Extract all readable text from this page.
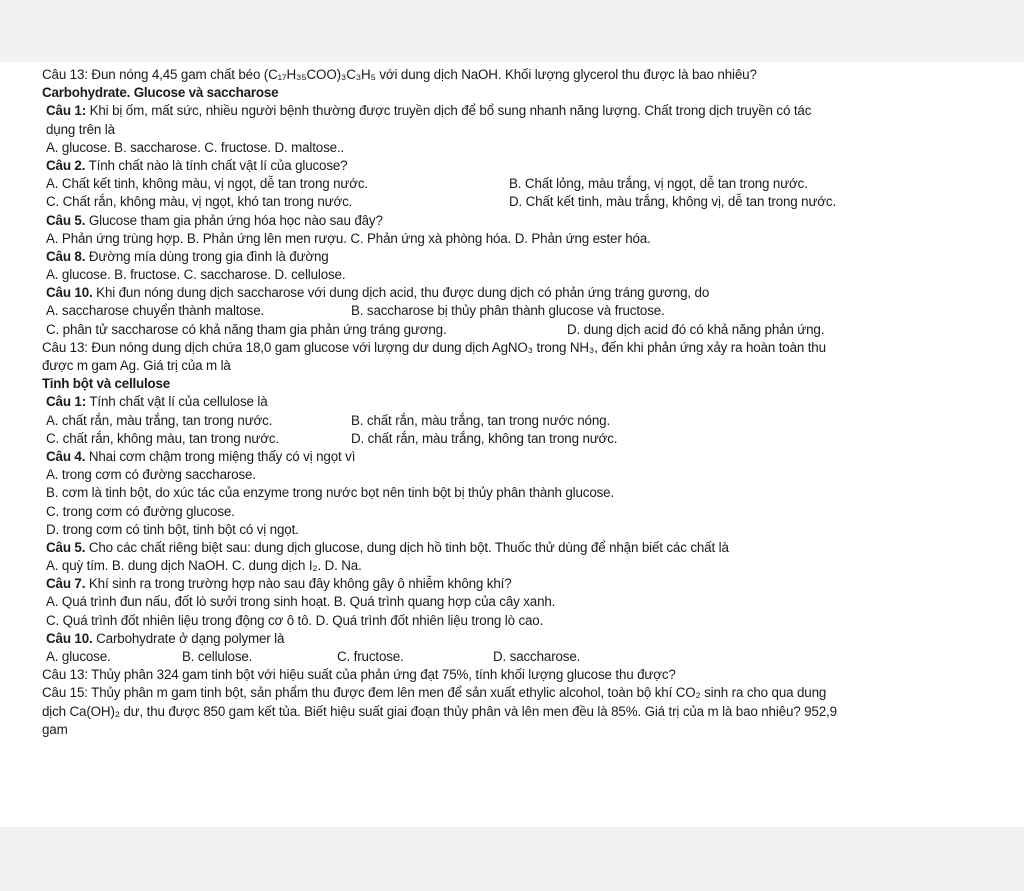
Câu 13: Đun nóng 4,45 gam chất béo (C₁₇H₃₅COO)₃C₃H₅ với dung dịch NaOH. Khối lượng glycerol thu được là bao nhiêu?
Carbohydrate. Glucose và saccharose
Câu 1: Khi bị ốm, mất sức, nhiều người bệnh thường được truyền dịch để bổ sung nhanh năng lượng. Chất trong dịch truyền có tác
dụng trên là
A. glucose. B. saccharose. C. fructose. D. maltose..
Câu 2. Tính chất nào là tính chất vật lí của glucose?
A. Chất kết tinh, không màu, vị ngọt, dễ tan trong nước.	B. Chất lỏng, màu trắng, vị ngọt, dễ tan trong nước.
C. Chất rắn, không màu, vị ngọt, khó tan trong nước.	D. Chất kết tinh, màu trắng, không vị, dễ tan trong nước.
Câu 5. Glucose tham gia phản ứng hóa học nào sau đây?
A. Phản ứng trùng hợp. B. Phản ứng lên men rượu. C. Phản ứng xà phòng hóa. D. Phản ứng ester hóa.
Câu 8. Đường mía dùng trong gia đình là đường
A. glucose. B. fructose. C. saccharose. D. cellulose.
Câu 10. Khi đun nóng dung dịch saccharose với dung dịch acid, thu được dung dịch có phản ứng tráng gương, do
A. saccharose chuyển thành maltose.	B. saccharose bị thủy phân thành glucose và fructose.
C. phân tử saccharose có khả năng tham gia phản ứng tráng gương.	D. dung dịch acid đó có khả năng phản ứng.
Câu 13: Đun nóng dung dịch chứa 18,0 gam glucose với lượng dư dung dịch AgNO₃ trong NH₃, đến khi phản ứng xảy ra hoàn toàn thu
được m gam Ag. Giá trị của m là
Tinh bột và cellulose
Câu 1: Tính chất vật lí của cellulose là
A. chất rắn, màu trắng, tan trong nước.	B. chất rắn, màu trắng, tan trong nước nóng.
C. chất rắn, không màu, tan trong nước.	D. chất rắn, màu trắng, không tan trong nước.
Câu 4. Nhai cơm chậm trong miệng thấy có vị ngọt vì
A. trong cơm có đường saccharose.
B. cơm là tinh bột, do xúc tác của enzyme trong nước bọt nên tinh bột bị thủy phân thành glucose.
C. trong cơm có đường glucose.
D. trong cơm có tinh bột, tinh bột có vị ngọt.
Câu 5. Cho các chất riêng biệt sau: dung dịch glucose, dung dịch hồ tinh bột. Thuốc thử dùng để nhận biết các chất là
A. quỳ tím. B. dung dịch NaOH. C. dung dịch I₂. D. Na.
Câu 7. Khí sinh ra trong trường hợp nào sau đây không gây ô nhiễm không khí?
A. Quá trình đun nấu, đốt lò sưởi trong sinh hoạt. B. Quá trình quang hợp của cây xanh.
C. Quá trình đốt nhiên liệu trong động cơ ô tô. D. Quá trình đốt nhiên liệu trong lò cao.
Câu 10. Carbohydrate ở dạng polymer là
A. glucose.	B. cellulose.	C. fructose.	D. saccharose.
Câu 13: Thủy phân 324 gam tinh bột với hiệu suất của phản ứng đạt 75%, tính khối lượng glucose thu được?
Câu 15: Thủy phân m gam tinh bột, sản phẩm thu được đem lên men để sản xuất ethylic alcohol, toàn bộ khí CO₂ sinh ra cho qua dung
dịch Ca(OH)₂ dư, thu được 850 gam kết tủa. Biết hiệu suất giai đoạn thủy phân và lên men đều là 85%. Giá trị của m là bao nhiêu? 952,9
gam
